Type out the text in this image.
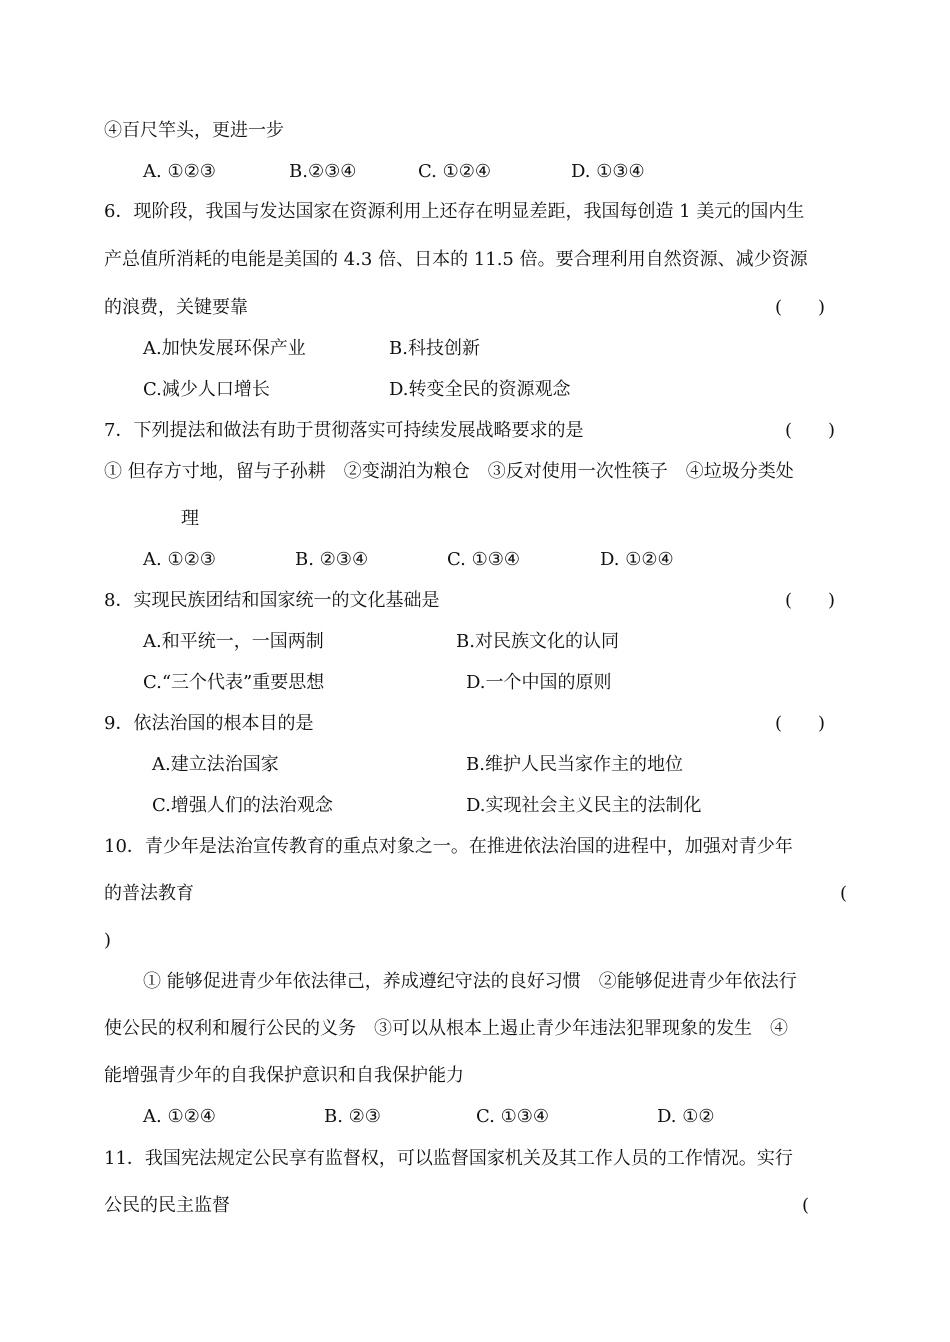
④百尺竿头，更进一步
A. ①②③	B.②③④	C. ①②④	D. ①③④
6．现阶段，我国与发达国家在资源利用上还存在明显差距，我国每创造 1 美元的国内生
产总值所消耗的电能是美国的 4.3 倍、日本的 11.5 倍。要合理利用自然资源、减少资源
的浪费，关键要靠	(　　)
A.加快发展环保产业	B.科技创新
C.减少人口增长	D.转变全民的资源观念
7．下列提法和做法有助于贯彻落实可持续发展战略要求的是	(　　)
① 但存方寸地，留与子孙耕　②变湖泊为粮仓　③反对使用一次性筷子　④垃圾分类处
理
A. ①②③	B. ②③④	C. ①③④	D. ①②④
8．实现民族团结和国家统一的文化基础是	(　　)
A.和平统一，一国两制	B.对民族文化的认同
C.“三个代表”重要思想	D.一个中国的原则
9．依法治国的根本目的是	(　　)
A.建立法治国家	B.维护人民当家作主的地位
C.增强人们的法治观念	D.实现社会主义民主的法制化
10．青少年是法治宣传教育的重点对象之一。在推进依法治国的进程中，加强对青少年
的普法教育	(
)
① 能够促进青少年依法律己，养成遵纪守法的良好习惯　②能够促进青少年依法行
使公民的权利和履行公民的义务　③可以从根本上遏止青少年违法犯罪现象的发生　④
能增强青少年的自我保护意识和自我保护能力
A. ①②④	B. ②③	C. ①③④	D. ①②
11．我国宪法规定公民享有监督权，可以监督国家机关及其工作人员的工作情况。实行
公民的民主监督	(
